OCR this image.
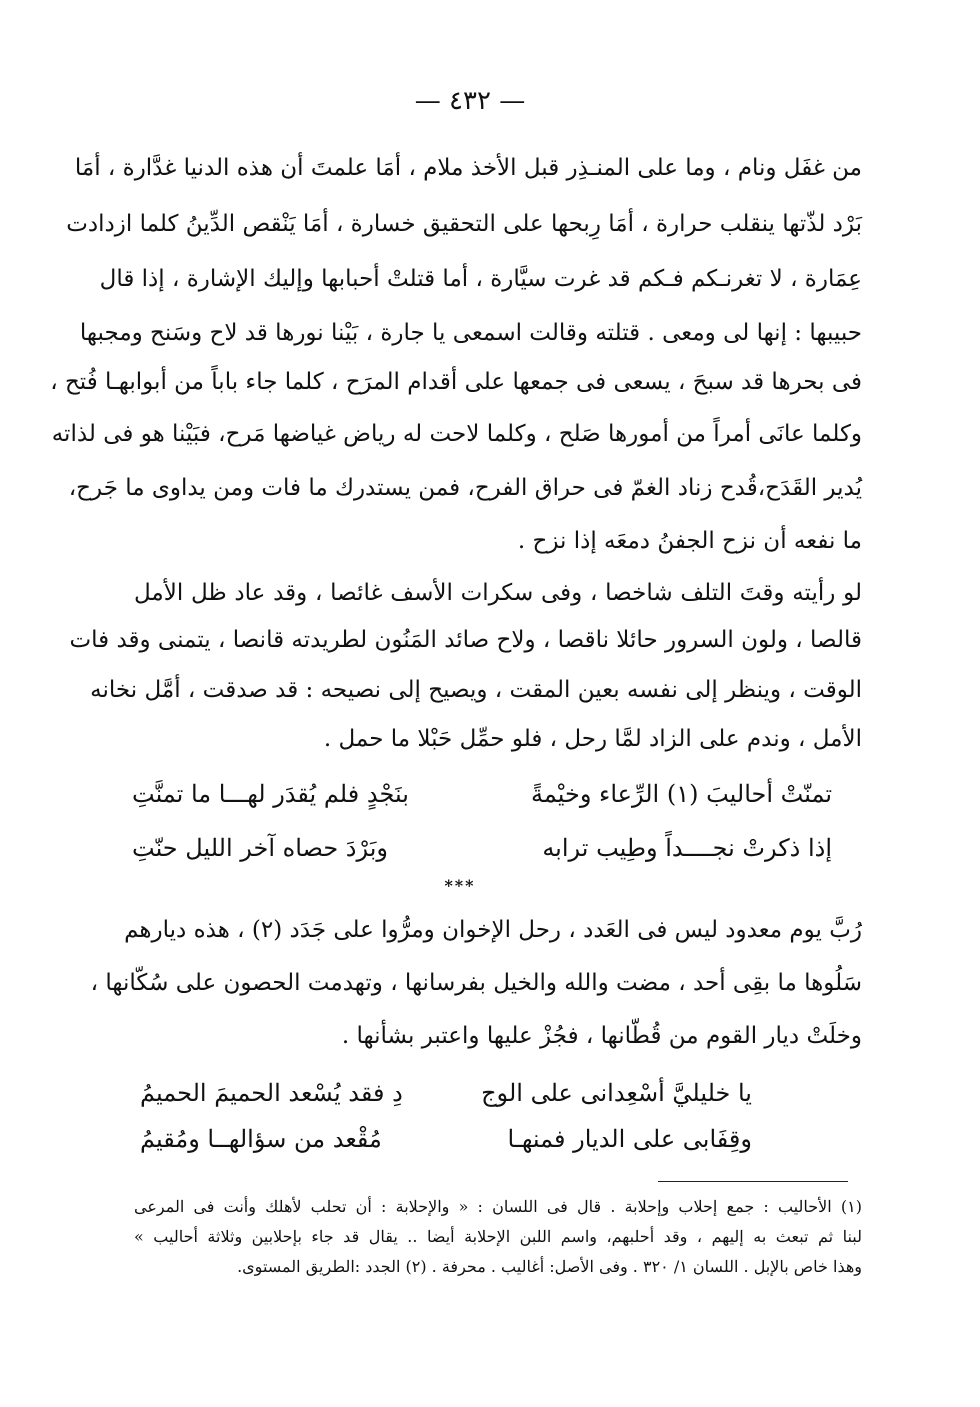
— ٤٣٢ —
من غفَل ونام ، وما على المنـذِر قبل الأخذ ملام ، أمَا علمتَ أن هذه الدنيا غدَّارة ، أمَا
بَرْد لذّتها ينقلب حرارة ، أمَا رِبحها على التحقيق خسارة ، أمَا يَنْقص الدِّينُ كلما ازدادت
عِمَارة ، لا تغرنـكم فـكم قد غرت سيَّارة ، أما قتلتْ أحبابها وإليك الإشارة ، إذا قال
حبيبها : إنها لى ومعى . قتلته وقالت اسمعى يا جارة ، بَيْنا نورها قد لاح وسَنح ومجبها
فى بحرها قد سبحَ ، يسعى فى جمعها على أقدام المرَح ، كلما جاء باباً من أبوابهـا فُتح ،
وكلما عانَى أمراً من أمورها صَلح ، وكلما لاحت له رياض غياضها مَرح، فبَيْنا هو فى لذاته
يُدير القَدَح،قُدح زناد الغمّ فى حراق الفرح، فمن يستدرك ما فات ومن يداوى ما جَرح،
ما نفعه أن نزح الجفنُ دمعَه إذا نزح .
لو رأيته وقتَ التلف شاخصا ، وفى سكرات الأسف غائصا ، وقد عاد ظل الأمل
قالصا ، ولون السرور حائلا ناقصا ، ولاح صائد المَنُون لطريدته قانصا ، يتمنى وقد فات
الوقت ، وينظر إلى نفسه بعين المقت ، ويصيح إلى نصيحه : قد صدقت ، أمَّل نخانه
الأمل ، وندم على الزاد لمَّا رحل ، فلو حمِّل حَبْلا ما حمل .
تمنّتْ أحاليبَ (١) الرِّعاء وخيْمةً
بنَجْدٍ فلم يُقدَر لهـــا ما تمنَّتِ
إذا ذكرتْ نجــــداً وطِيب ترابه
وبَرْدَ حصاه آخر الليل حنّتِ
***
رُبَّ يوم معدود ليس فى العَدد ، رحل الإخوان ومرُّوا على جَدَد (٢) ، هذه ديارهم
سَلُوها ما بقِى أحد ، مضت والله والخيل بفرسانها ، وتهدمت الحصون على سُكّانها ،
وخلَتْ ديار القوم من قُطّانها ، فجُزْ عليها واعتبر بشأنها .
يا خليليَّ أسْعِدانى على الوج
دِ فقد يُسْعد الحميمَ الحميمُ
وقِفَابى على الديار فمنهـا
مُقْعد من سؤالهــا ومُقيمُ
(١) الأحاليب : جمع إحلاب وإحلابة . قال فى اللسان : « والإحلابة : أن تحلب لأهلك وأنت فى المرعى
لبنا ثم تبعث به إليهم ، وقد أحلبهم، واسم اللبن الإحلابة أيضا .. يقال قد جاء بإحلابين وثلاثة أحاليب »
وهذا خاص بالإبل . اللسان ١/ ٣٢٠ . وفى الأصل: أغاليب . محرفة . (٢) الجدد :الطريق المستوى.
